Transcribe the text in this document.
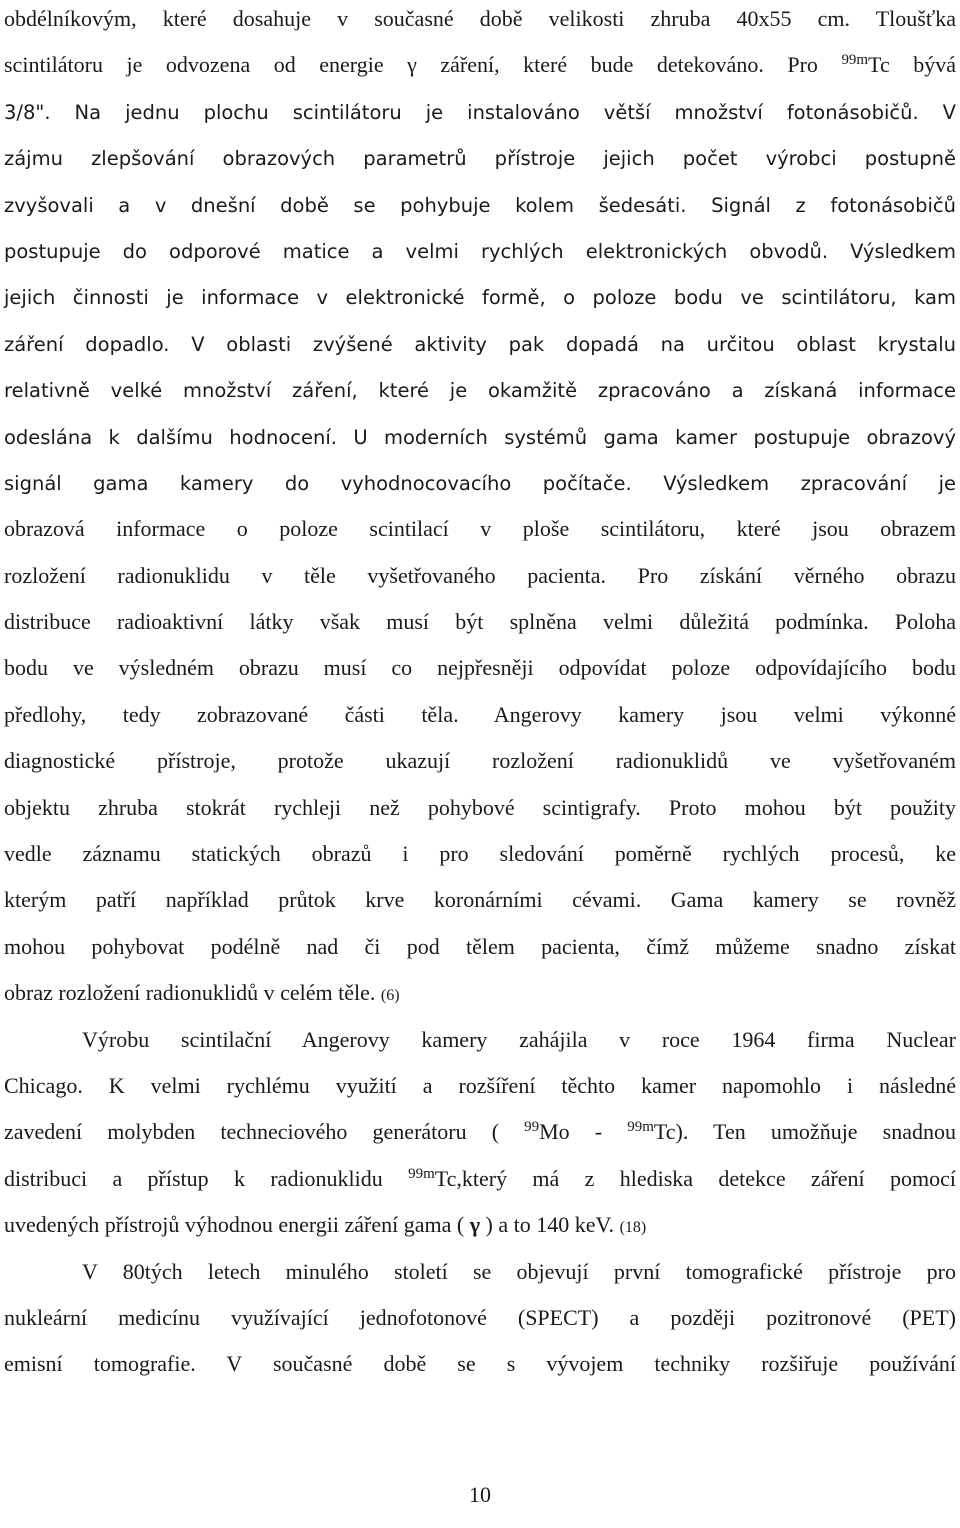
obdélníkovým, které dosahuje v současné době velikosti zhruba 40x55 cm. Tloušťka
scintilátoru je odvozena od energie γ záření, které bude detekováno. Pro $^{99m}$Tc bývá
3/8". Na jednu plochu scintilátoru je instalováno větší množství fotonásobičů. V
zájmu zlepšování obrazových parametrů přístroje jejich počet výrobci postupně
zvyšovali a v dnešní době se pohybuje kolem šedesáti. Signál z fotonásobičů
postupuje do odporové matice a velmi rychlých elektronických obvodů. Výsledkem
jejich činnosti je informace v elektronické formě, o poloze bodu ve scintilátoru, kam
záření dopadlo. V oblasti zvýšené aktivity pak dopadá na určitou oblast krystalu
relativně velké množství záření, které je okamžitě zpracováno a získaná informace
odeslána k dalšímu hodnocení. U moderních systémů gama kamer postupuje obrazový
signál gama kamery do vyhodnocovacího počítače. Výsledkem zpracování je
obrazová informace o poloze scintilací v ploše scintilátoru, které jsou obrazem
rozložení radionuklidu v těle vyšetřovaného pacienta. Pro získání věrného obrazu
distribuce radioaktivní látky však musí být splněna velmi důležitá podmínka. Poloha
bodu ve výsledném obrazu musí co nejpřesněji odpovídat poloze odpovídajícího bodu
předlohy, tedy zobrazované části těla. Angerovy kamery jsou velmi výkonné
diagnostické přístroje, protože ukazují rozložení radionuklidů ve vyšetřovaném
objektu zhruba stokrát rychleji než pohybové scintigrafy. Proto mohou být použity
vedle záznamu statických obrazů i pro sledování poměrně rychlých procesů, ke
kterým patří například průtok krve koronárními cévami. Gama kamery se rovněž
mohou pohybovat podélně nad či pod tělem pacienta, čímž můžeme snadno získat
obraz rozložení radionuklidů v celém těle. (6)
Výrobu scintilační Angerovy kamery zahájila v roce 1964 firma Nuclear
Chicago. K velmi rychlému využití a rozšíření těchto kamer napomohlo i následné
zavedení molybden techneciového generátoru ( $^{99}$Mo - $^{99m}$Tc). Ten umožňuje snadnou
distribuci a přístup k radionuklidu $^{99m}$Tc,který má z hlediska detekce záření pomocí
uvedených přístrojů výhodnou energii záření gama ( γ ) a to 140 keV. (18)
V 80tých letech minulého století se objevují první tomografické přístroje pro
nukleární medicínu využívající jednofotonové (SPECT) a později pozitronové (PET)
emisní tomografie. V současné době se s vývojem techniky rozšiřuje používání
10
